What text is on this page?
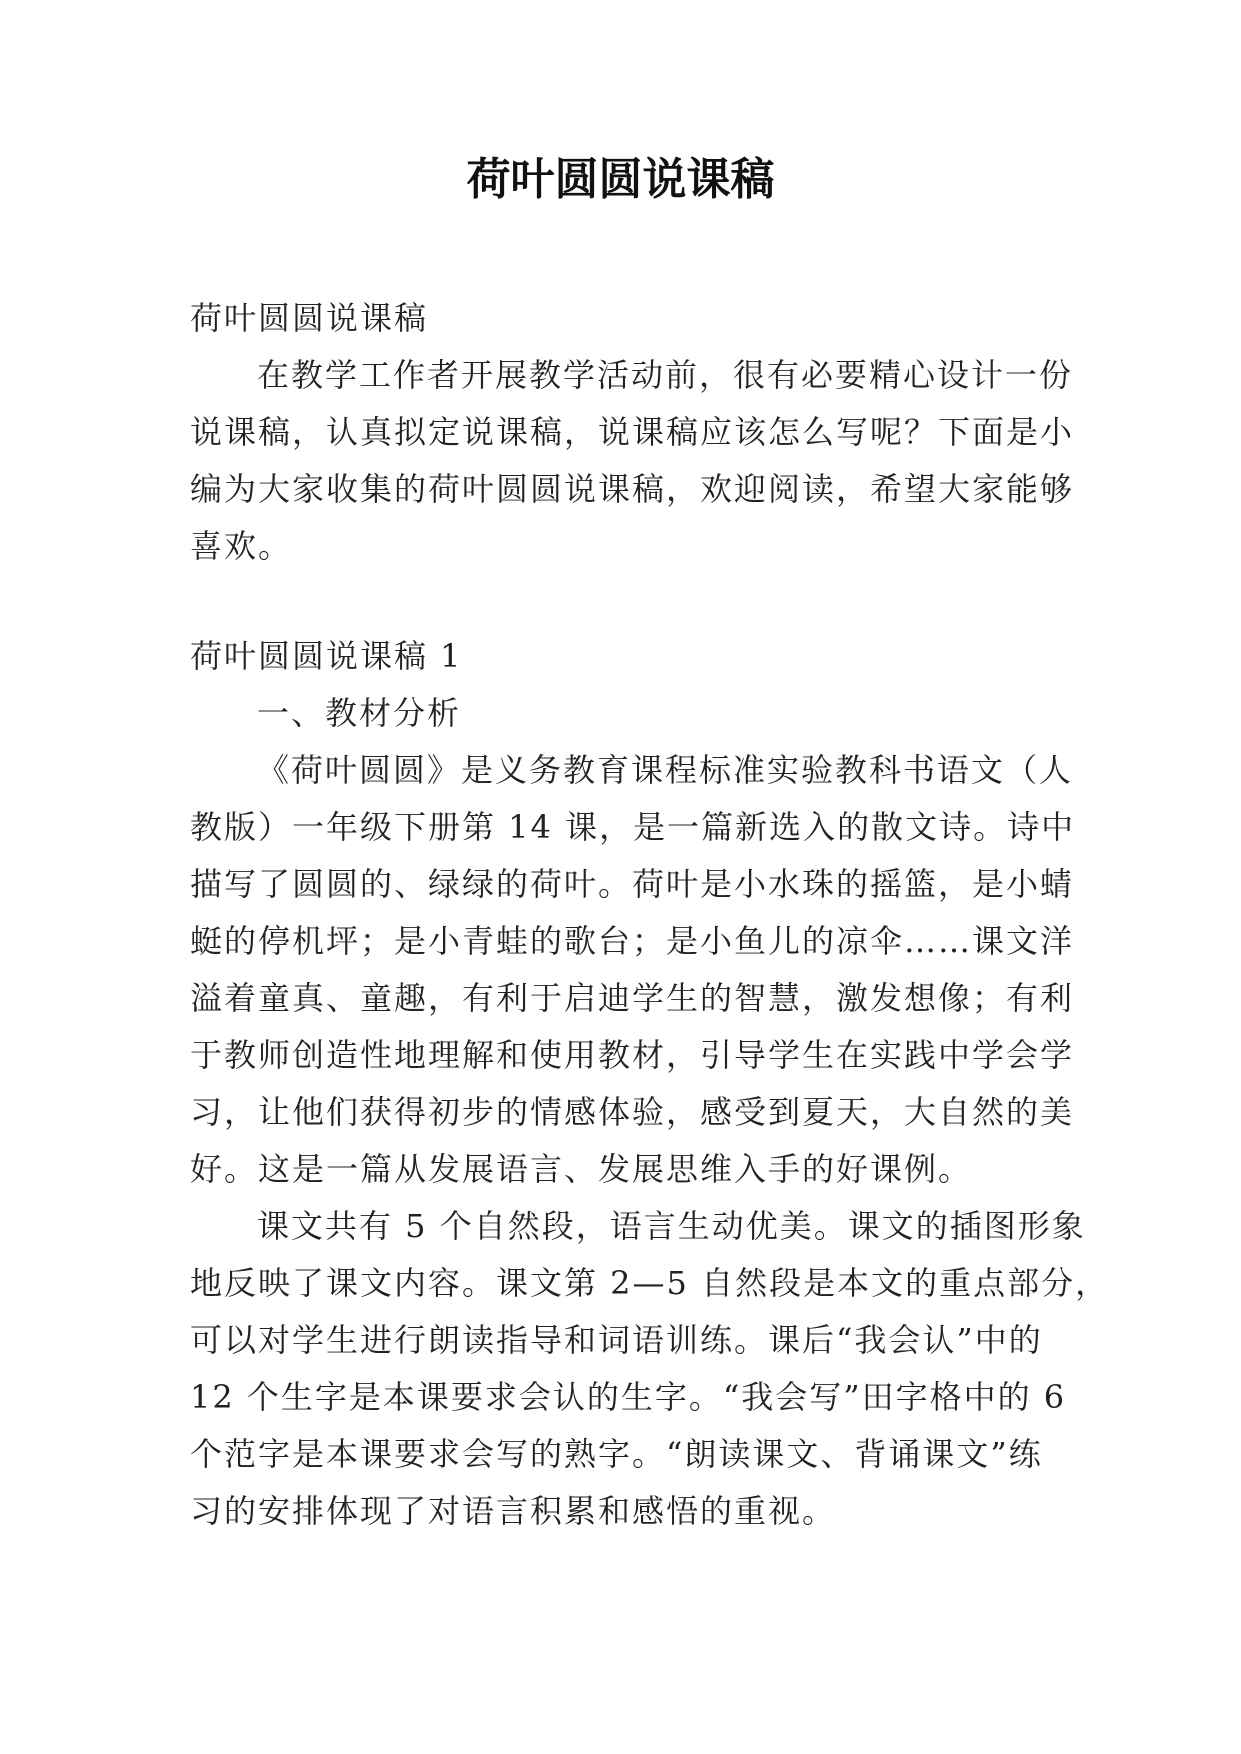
荷叶圆圆说课稿

荷叶圆圆说课稿

在教学工作者开展教学活动前，很有必要精心设计一份

说课稿，认真拟定说课稿，说课稿应该怎么写呢？下面是小

编为大家收集的荷叶圆圆说课稿，欢迎阅读，希望大家能够

喜欢。

荷叶圆圆说课稿 1

一、教材分析

《荷叶圆圆》是义务教育课程标准实验教科书语文（人

教版）一年级下册第 14 课，是一篇新选入的散文诗。诗中

描写了圆圆的、绿绿的荷叶。荷叶是小水珠的摇篮，是小蜻

蜓的停机坪；是小青蛙的歌台；是小鱼儿的凉伞……课文洋

溢着童真、童趣，有利于启迪学生的智慧，激发想像；有利

于教师创造性地理解和使用教材，引导学生在实践中学会学

习，让他们获得初步的情感体验，感受到夏天，大自然的美

好。这是一篇从发展语言、发展思维入手的好课例。

课文共有 5 个自然段，语言生动优美。课文的插图形象

地反映了课文内容。课文第 2—5 自然段是本文的重点部分，

可以对学生进行朗读指导和词语训练。课后“我会认”中的

12 个生字是本课要求会认的生字。“我会写”田字格中的 6

个范字是本课要求会写的熟字。“朗读课文、背诵课文”练

习的安排体现了对语言积累和感悟的重视。
